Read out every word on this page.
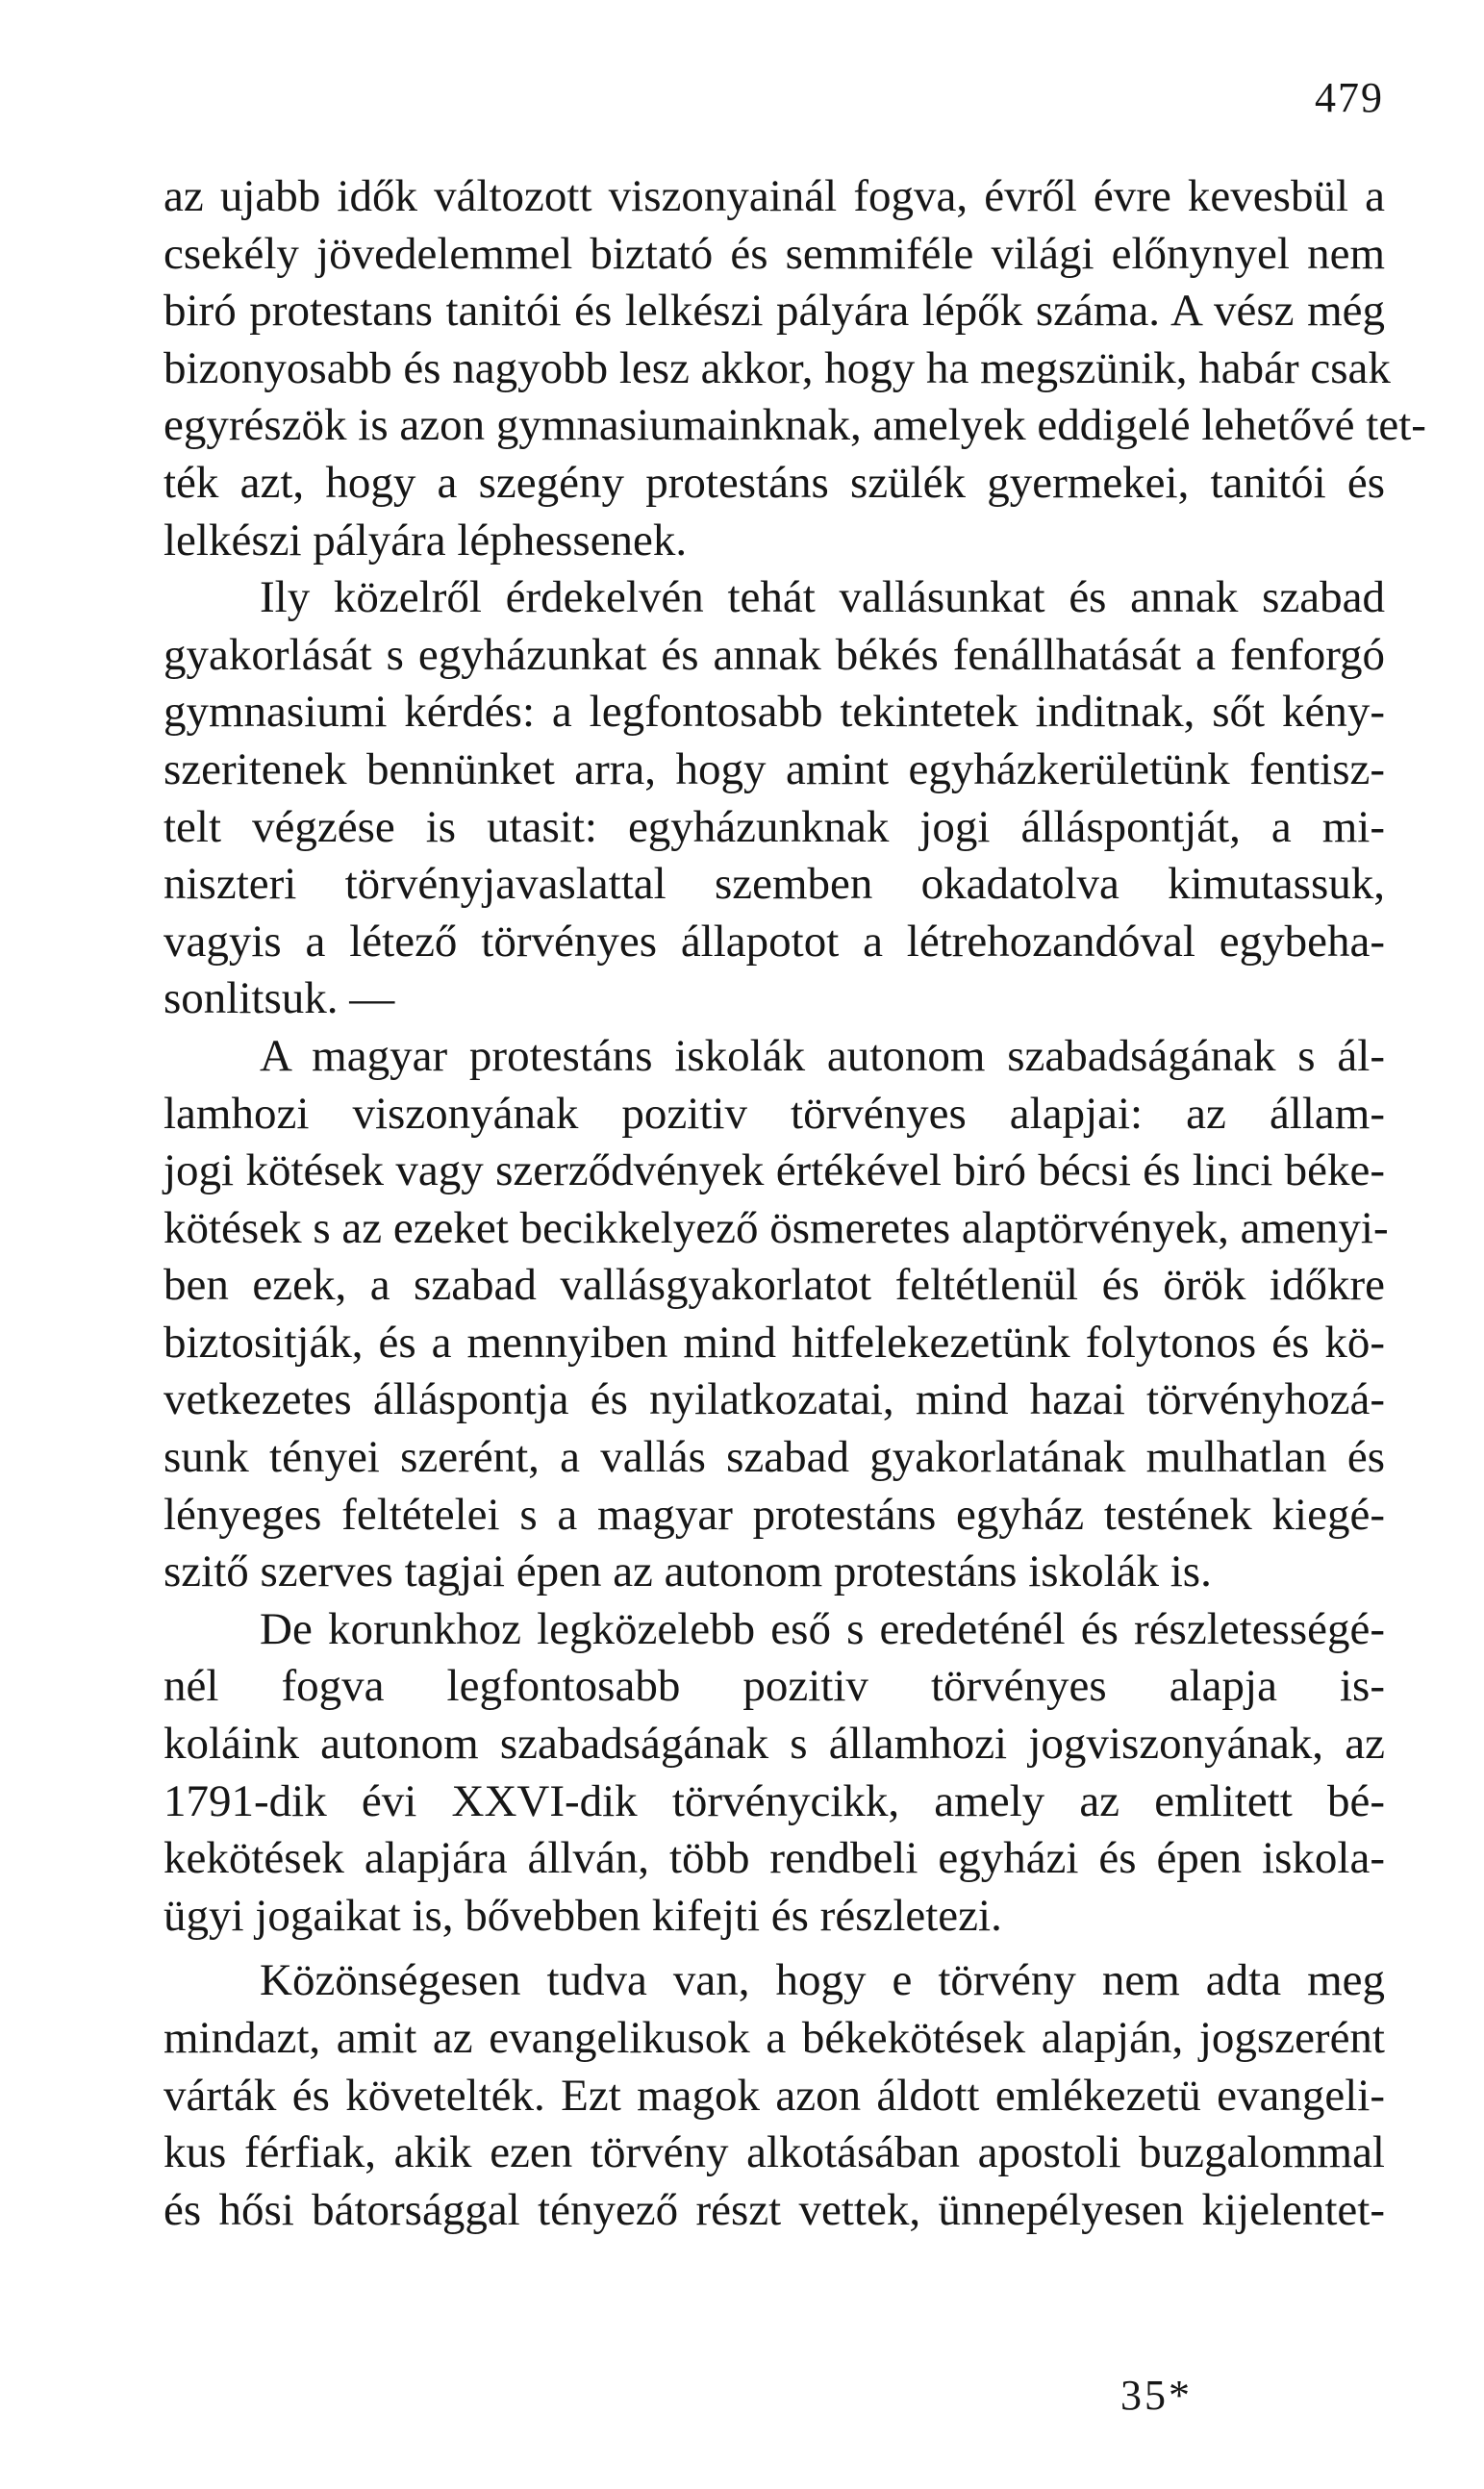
479
az ujabb idők változott viszonyainál fogva, évről évre kevesbül a
csekély jövedelemmel biztató és semmiféle világi előnynyel nem
biró protestans tanitói és lelkészi pályára lépők száma. A vész még
bizonyosabb és nagyobb lesz akkor, hogy ha megszünik, habár csak
egyrészök is azon gymnasiumainknak, amelyek eddigelé lehetővé tet-
ték azt, hogy a szegény protestáns szülék gyermekei, tanitói és
lelkészi pályára léphessenek.
Ily közelről érdekelvén tehát vallásunkat és annak szabad
gyakorlását s egyházunkat és annak békés fenállhatását a fenforgó
gymnasiumi kérdés: a legfontosabb tekintetek inditnak, sőt kény-
szeritenek bennünket arra, hogy amint egyházkerületünk fentisz-
telt végzése is utasit: egyházunknak jogi álláspontját, a mi-
niszteri törvényjavaslattal szemben okadatolva kimutassuk,
vagyis a létező törvényes állapotot a létrehozandóval egybeha-
sonlitsuk. —
A magyar protestáns iskolák autonom szabadságának s ál-
lamhozi viszonyának pozitiv törvényes alapjai: az állam-
jogi kötések vagy szerződvények értékével biró bécsi és linci béke-
kötések s az ezeket becikkelyező ösmeretes alaptörvények, amenyi-
ben ezek, a szabad vallásgyakorlatot feltétlenül és örök időkre
biztositják, és a mennyiben mind hitfelekezetünk folytonos és kö-
vetkezetes álláspontja és nyilatkozatai, mind hazai törvényhozá-
sunk tényei szerént, a vallás szabad gyakorlatának mulhatlan és
lényeges feltételei s a magyar protestáns egyház testének kiegé-
szitő szerves tagjai épen az autonom protestáns iskolák is.
De korunkhoz legközelebb eső s eredeténél és részletességé-
nél fogva legfontosabb pozitiv törvényes alapja is-
koláink autonom szabadságának s államhozi jogviszonyának, az
1791-dik évi XXVI-dik törvénycikk, amely az emlitett bé-
kekötések alapjára állván, több rendbeli egyházi és épen iskola-
ügyi jogaikat is, bővebben kifejti és részletezi.
Közönségesen tudva van, hogy e törvény nem adta meg
mindazt, amit az evangelikusok a békekötések alapján, jogszerént
várták és követelték. Ezt magok azon áldott emlékezetü evangeli-
kus férfiak, akik ezen törvény alkotásában apostoli buzgalommal
és hősi bátorsággal tényező részt vettek, ünnepélyesen kijelentet-
35*
